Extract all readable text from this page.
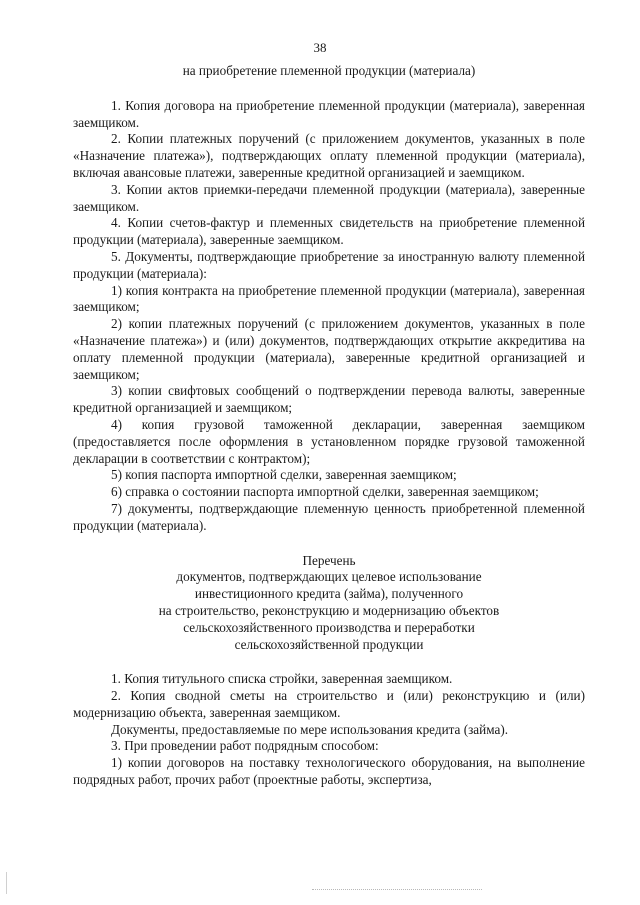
38

на приобретение племенной продукции (материала)

1. Копия договора на приобретение племенной продукции (материала), заверенная заемщиком.

2. Копии платежных поручений (с приложением документов, указанных в поле «Назначение платежа»), подтверждающих оплату племенной продукции (материала), включая авансовые платежи, заверенные кредитной организацией и заемщиком.

3. Копии актов приемки-передачи племенной продукции (материала), заверенные заемщиком.

4. Копии счетов-фактур и племенных свидетельств на приобретение племенной продукции (материала), заверенные заемщиком.

5. Документы, подтверждающие приобретение за иностранную валюту племенной продукции (материала):

1) копия контракта на приобретение племенной продукции (материала), заверенная заемщиком;

2) копии платежных поручений (с приложением документов, указанных в поле «Назначение платежа») и (или) документов, подтверждающих открытие аккредитива на оплату племенной продукции (материала), заверенные кредитной организацией и заемщиком;

3) копии свифтовых сообщений о подтверждении перевода валюты, заверенные кредитной организацией и заемщиком;

4) копия грузовой таможенной декларации, заверенная заемщиком (предоставляется после оформления в установленном порядке грузовой таможенной декларации в соответствии с контрактом);

5) копия паспорта импортной сделки, заверенная заемщиком;

6) справка о состоянии паспорта импортной сделки, заверенная заемщиком;

7) документы, подтверждающие племенную ценность приобретенной племенной продукции (материала).

Перечень

документов, подтверждающих целевое использование

инвестиционного кредита (займа), полученного

на строительство, реконструкцию и модернизацию объектов

сельскохозяйственного производства и переработки

сельскохозяйственной продукции

1. Копия титульного списка стройки, заверенная заемщиком.

2. Копия сводной сметы на строительство и (или) реконструкцию и (или) модернизацию объекта, заверенная заемщиком.

Документы, предоставляемые по мере использования кредита (займа).

3. При проведении работ подрядным способом:

1) копии договоров на поставку технологического оборудования, на выполнение подрядных работ, прочих работ (проектные работы, экспертиза,
